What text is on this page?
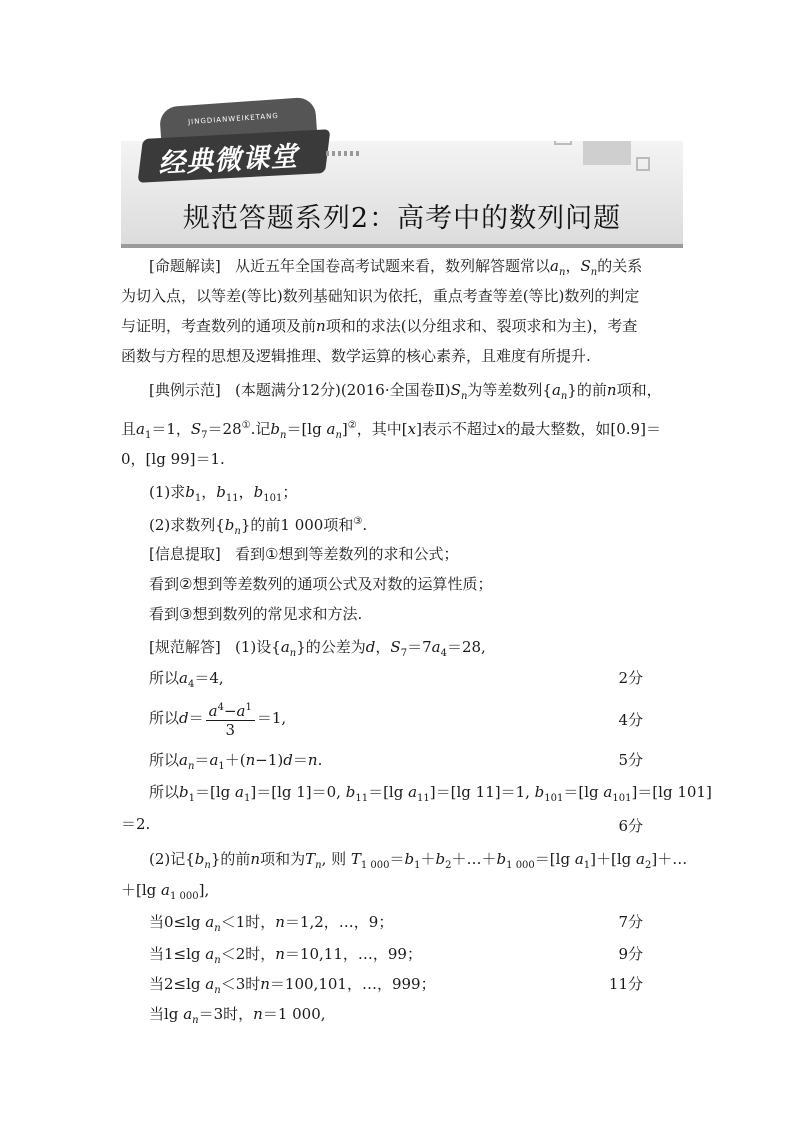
JINGDIANWEIKETANG
经典微课堂
规范答题系列2：高考中的数列问题
[命题解读] 从近五年全国卷高考试题来看，数列解答题常以$a_n$，$S_n$的关系
为切入点，以等差(等比)数列基础知识为依托，重点考查等差(等比)数列的判定
与证明，考查数列的通项及前n项和的求法(以分组求和、裂项求和为主)，考查
函数与方程的思想及逻辑推理、数学运算的核心素养，且难度有所提升.
[典例示范] (本题满分12分)(2016·全国卷$Ⅱ)S_n$为等差数列$\{a_n\}$的前n项和，
且$a_1=1$，$S_7=28^①$.记$b_n=[\lg$ $a_n]^②$，其中[x]表示不超过x的最大整数，如[0.9]＝
0，[lg 99]＝1.
(1)求$b_1$，$b_{11}$，$b_{101}$；
(2)求数列$\{b_n\}$的前1 000项和③.
[信息提取] 看到①想到等差数列的求和公式；
看到②想到等差数列的通项公式及对数的运算性质；
看到③想到数列的常见求和方法.
[规范解答] (1)设$\{a_n\}$的公差为d，$S_7=7a_4=28$,
所以$a_4=4$,	2分
所以$d= \frac{a^4-a^1}{3} =1$,	4分
所以$a_n=a_1+(n-1)d=n$.	5分
所以$b_1=[\lg$ $a_1]=[\lg$ 1]＝0, $b_{11}=[\lg$ $a_{11}]=[\lg$ 11]＝1, $b_{101}=[\lg$ $a_{101}]=[\lg$ 101]
＝2.	6分
(2)记$\{b_n\}$的前n项和为$T_n$, 则 $T_{1 000}=b_1+b_2+\dots+b_{1 000}=[\lg$ $a_1]+[\lg$ $a_2]+\dots$
＋[lg $a_{1 000}$],
当0≤lg $a_n<1$时，n＝1,2，…，9；	7分
当1≤lg $a_n<2$时，n＝10,11，…，99；	9分
当2≤lg $a_n<3$时n＝100,101，…，999；	11分
当$\lg a_n=3$时，n＝1 000,
